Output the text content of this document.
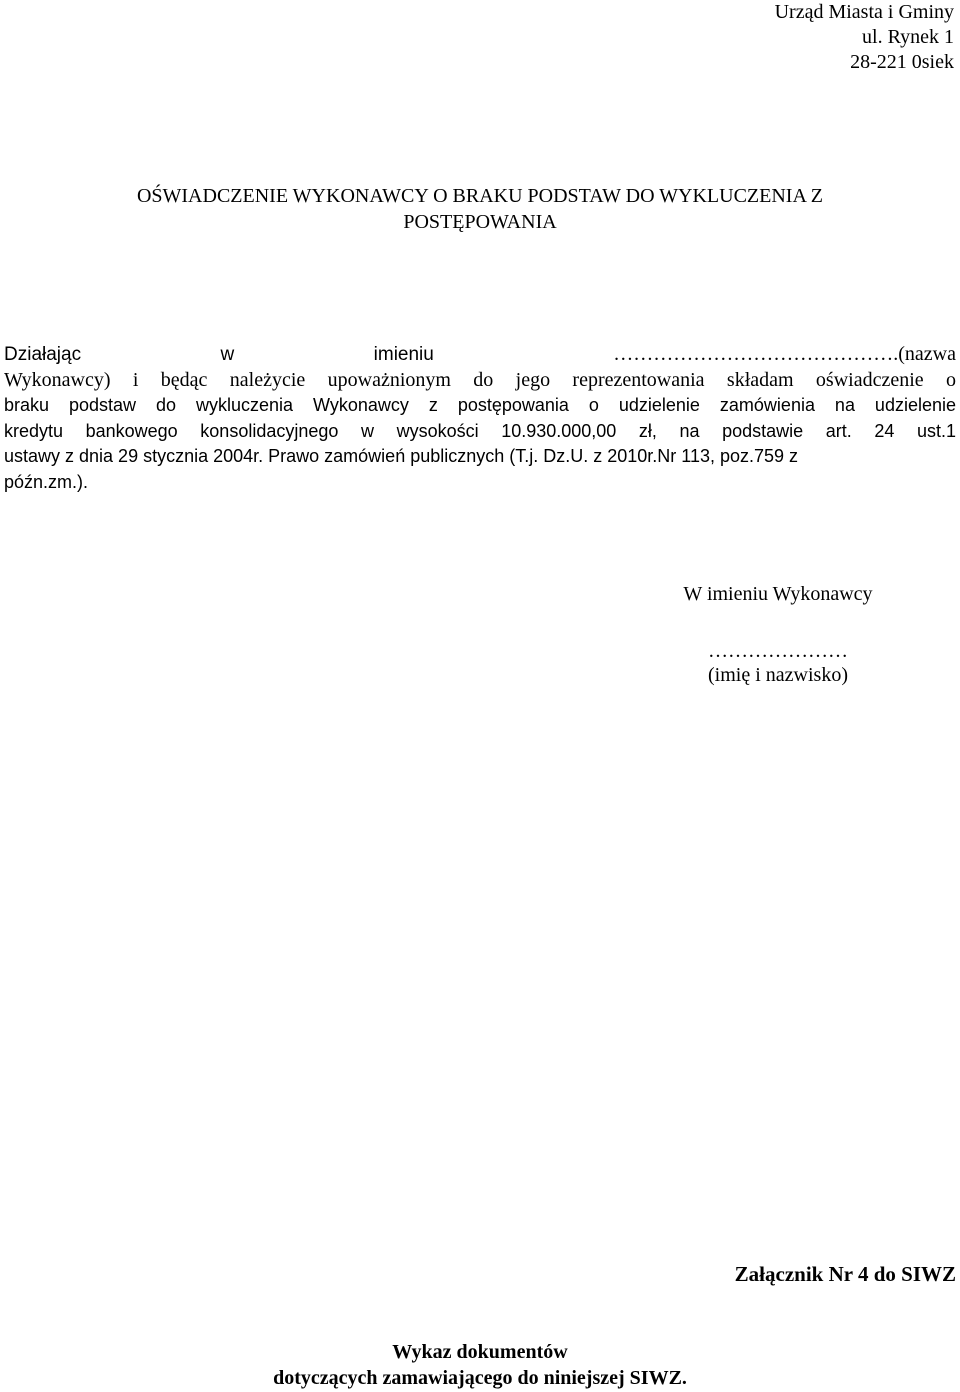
Urząd Miasta i Gminy
ul. Rynek 1
28-221 0siek
OŚWIADCZENIE WYKONAWCY O BRAKU PODSTAW DO WYKLUCZENIA Z
POSTĘPOWANIA
Działając	w	imieniu	…………………………………….(nazwa
Wykonawcy) i będąc należycie upoważnionym do jego reprezentowania składam oświadczenie o
braku podstaw do wykluczenia Wykonawcy z postępowania o udzielenie zamówienia na udzielenie
kredytu bankowego konsolidacyjnego w wysokości 10.930.000,00 zł, na podstawie art. 24 ust.1
ustawy z dnia 29 stycznia 2004r. Prawo zamówień publicznych (T.j. Dz.U. z 2010r.Nr 113, poz.759 z
późn.zm.).
W imieniu Wykonawcy
…………………
(imię i nazwisko)
Załącznik Nr 4 do SIWZ
Wykaz dokumentów
dotyczących zamawiającego do niniejszej SIWZ.
